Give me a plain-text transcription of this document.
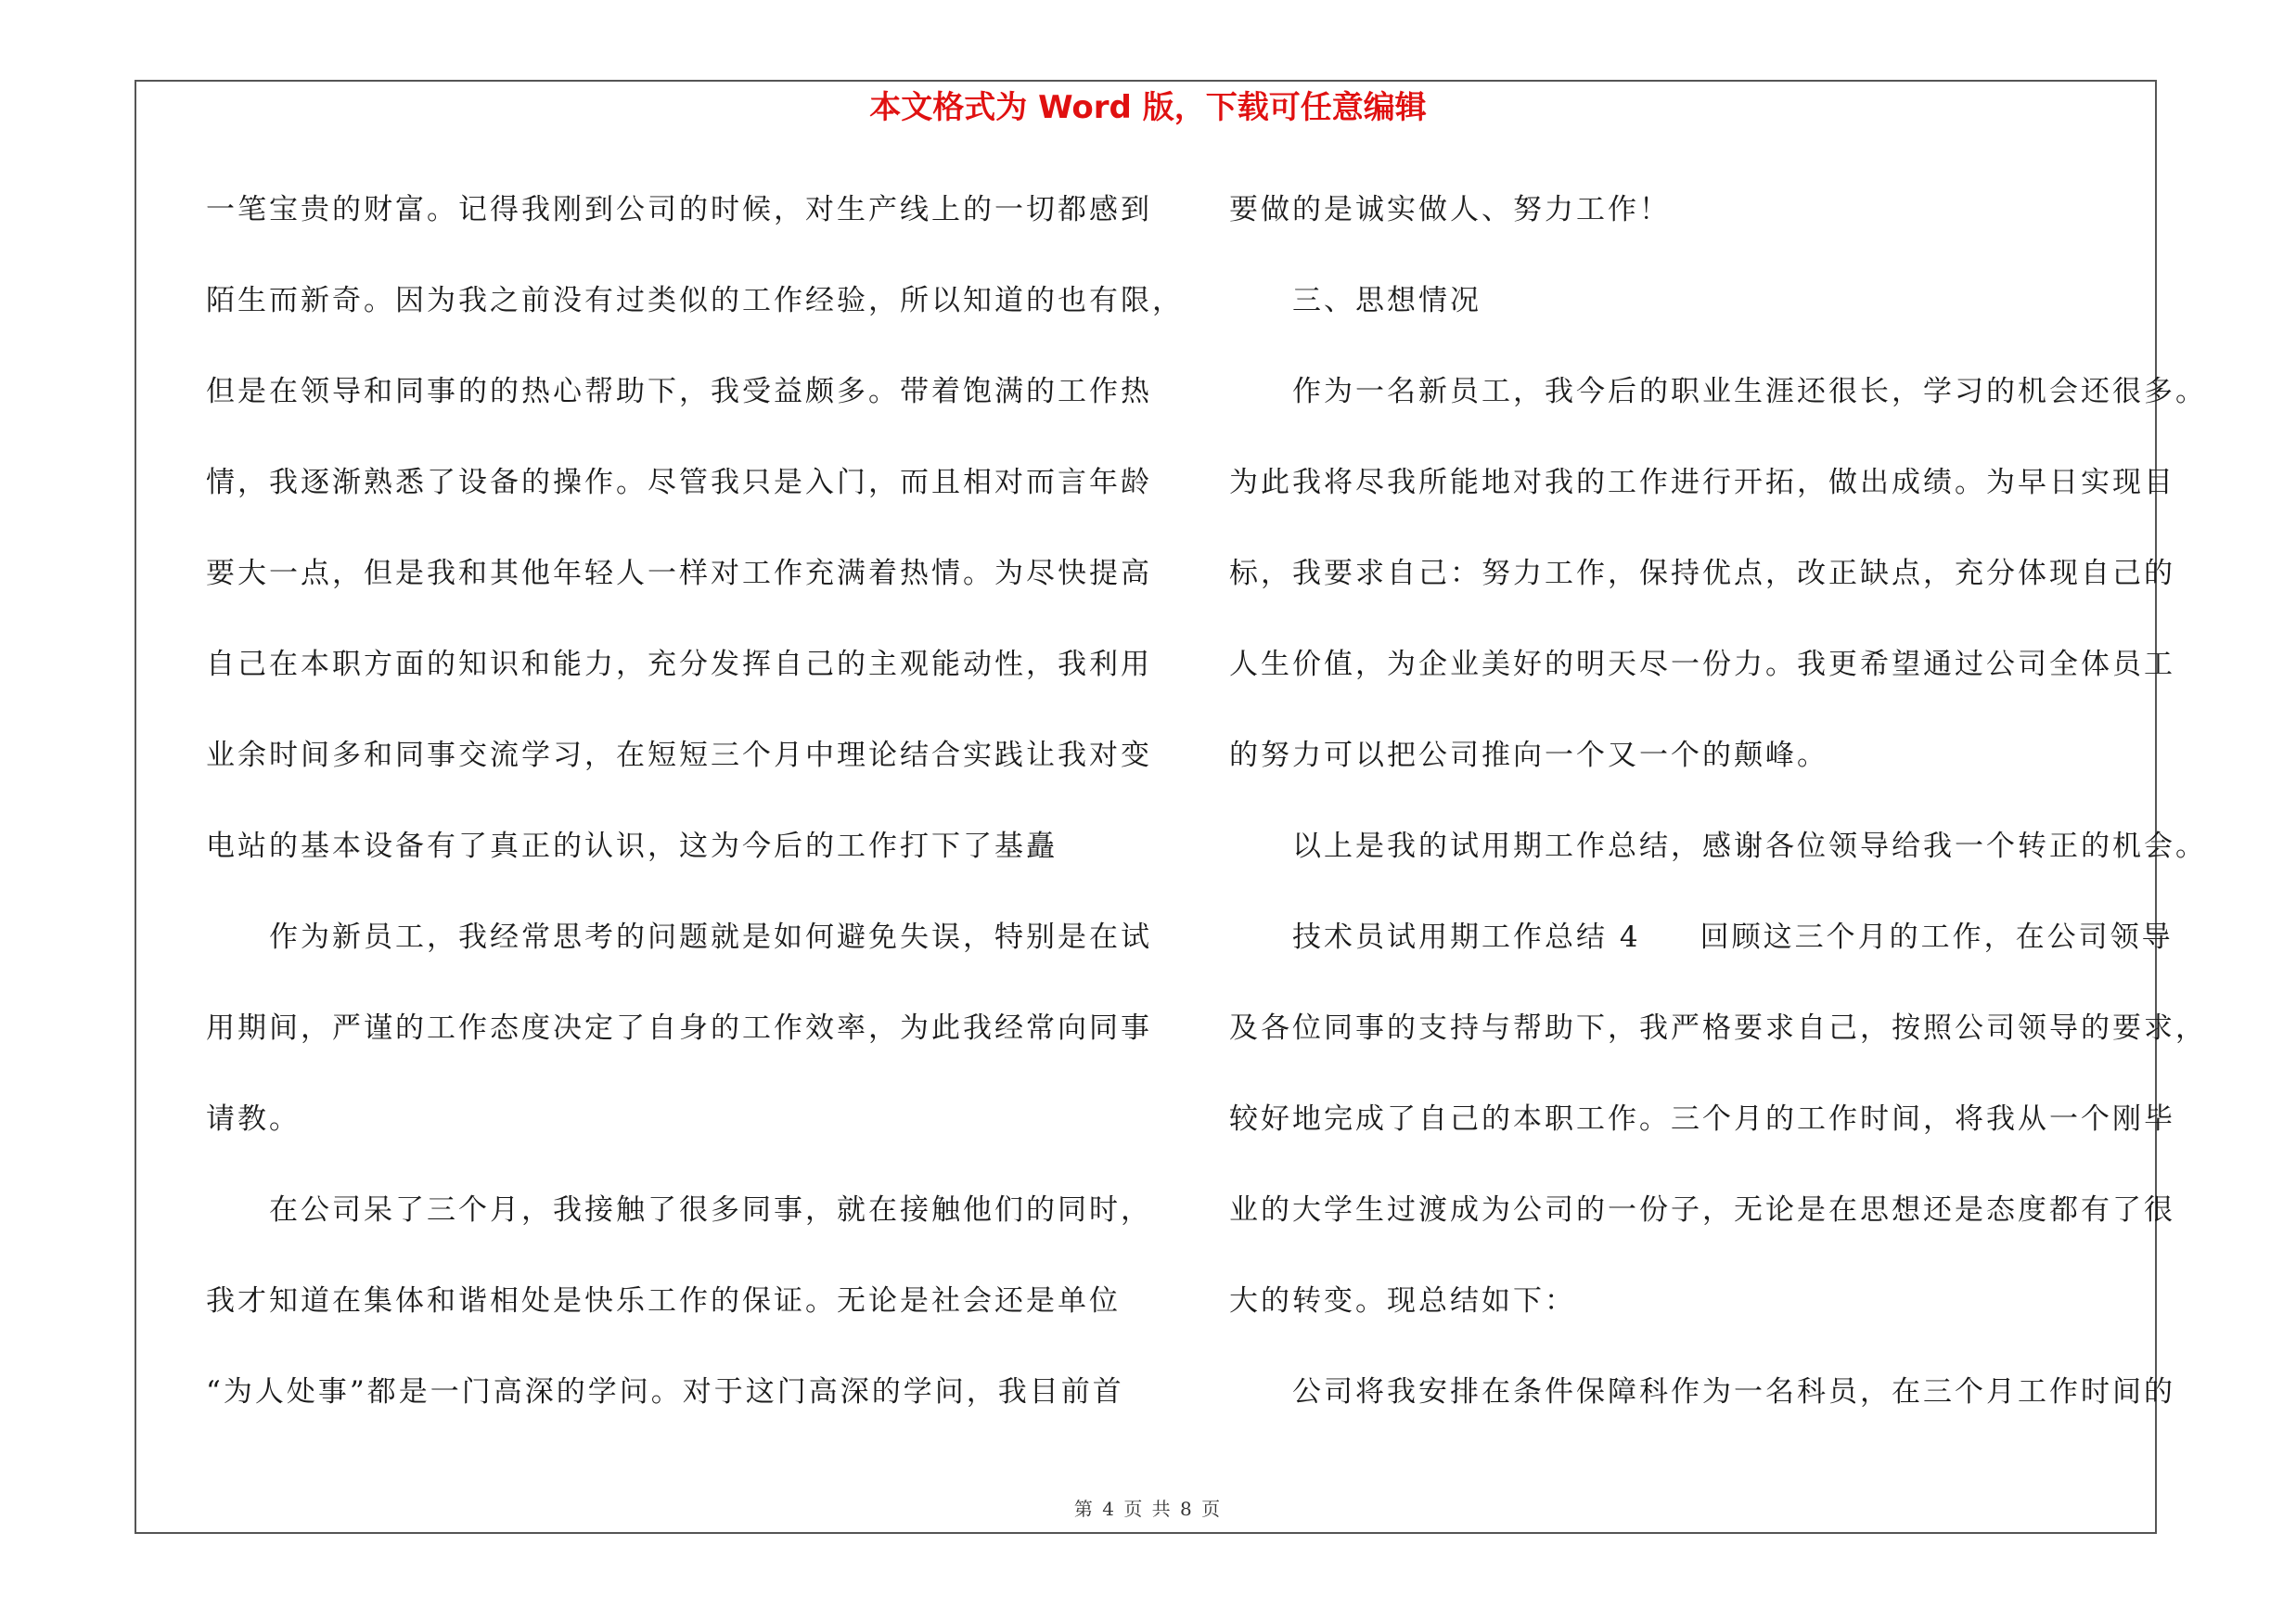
本文格式为 Word 版，下载可任意编辑
一笔宝贵的财富。记得我刚到公司的时候，对生产线上的一切都感到
陌生而新奇。因为我之前没有过类似的工作经验，所以知道的也有限，
但是在领导和同事的的热心帮助下，我受益颇多。带着饱满的工作热
情，我逐渐熟悉了设备的操作。尽管我只是入门，而且相对而言年龄
要大一点，但是我和其他年轻人一样对工作充满着热情。为尽快提高
自己在本职方面的知识和能力，充分发挥自己的主观能动性，我利用
业余时间多和同事交流学习，在短短三个月中理论结合实践让我对变
电站的基本设备有了真正的认识，这为今后的工作打下了基矗
作为新员工，我经常思考的问题就是如何避免失误，特别是在试
用期间，严谨的工作态度决定了自身的工作效率，为此我经常向同事
请教。
在公司呆了三个月，我接触了很多同事，就在接触他们的同时，
我才知道在集体和谐相处是快乐工作的保证。无论是社会还是单位
“为人处事”都是一门高深的学问。对于这门高深的学问，我目前首
要做的是诚实做人、努力工作！
三、思想情况
作为一名新员工，我今后的职业生涯还很长，学习的机会还很多。
为此我将尽我所能地对我的工作进行开拓，做出成绩。为早日实现目
标，我要求自己：努力工作，保持优点，改正缺点，充分体现自己的
人生价值，为企业美好的明天尽一份力。我更希望通过公司全体员工
的努力可以把公司推向一个又一个的颠峰。
以上是我的试用期工作总结，感谢各位领导给我一个转正的机会。
技术员试用期工作总结 4 回顾这三个月的工作，在公司领导
及各位同事的支持与帮助下，我严格要求自己，按照公司领导的要求，
较好地完成了自己的本职工作。三个月的工作时间，将我从一个刚毕
业的大学生过渡成为公司的一份子，无论是在思想还是态度都有了很
大的转变。现总结如下：
公司将我安排在条件保障科作为一名科员，在三个月工作时间的
第 4 页 共 8 页
